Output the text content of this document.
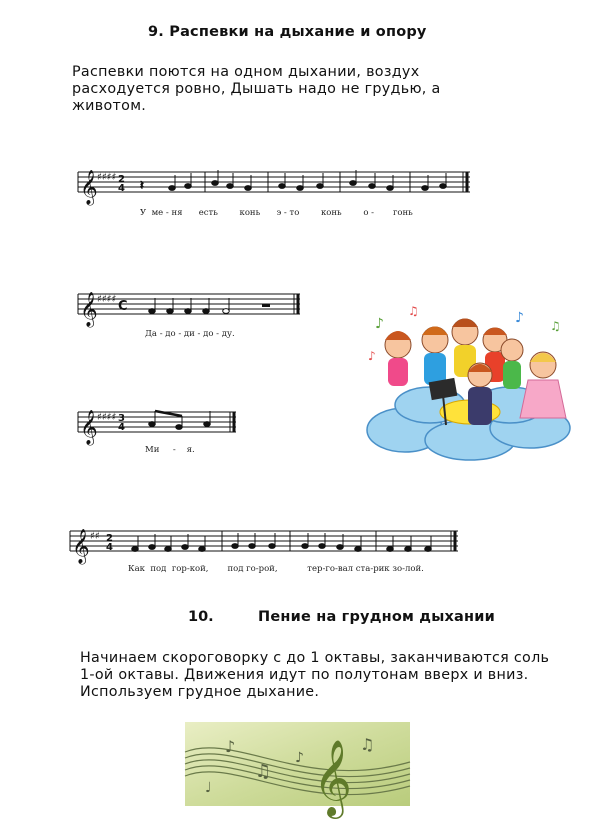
9. Распевки на дыхание и опору
Распевки поются на одном дыхании, воздух расходуется ровно, Дышать надо не грудью, а животом.
𝄞 ♯♯♯♯ 2
4 𝄽
У ме - ня есть	конь э - то	конь	о - гонь
𝄞 ♯♯♯♯ C
Да - до - ди - до - ду.
𝄞 ♯♯♯♯ 3
4
Ми - я.
𝄞 ♯♯ 2
4
Как под гор-кой, под го-рой,	тер-го-вал ста-рик зо-лой.
♪
♫	♪ ♫
♪
10.	Пение на грудном дыхании
Начинаем скороговорку с до 1 октавы, заканчиваются соль 1-ой октавы. Движения идут по полутонам вверх и вниз. Используем грудное дыхание.
♪
♫
♪
♫
♩ 𝄞
